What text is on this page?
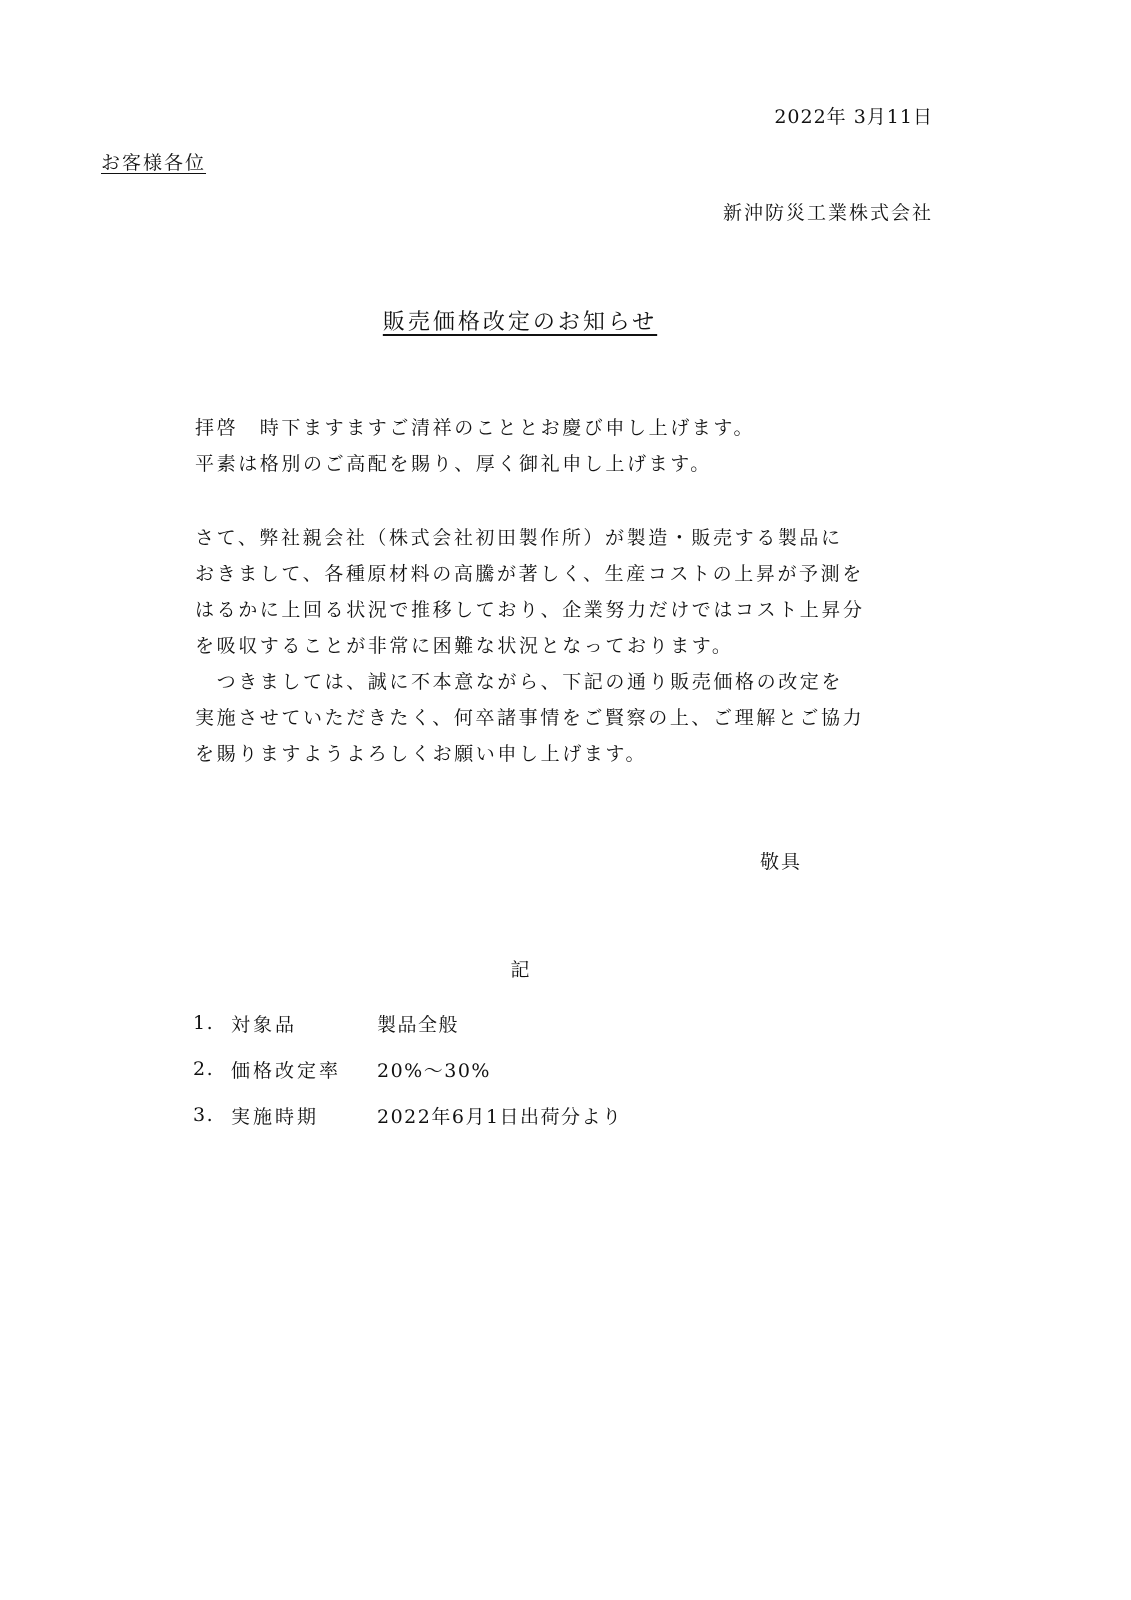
2022年 3月11日
お客様各位
新沖防災工業株式会社
販売価格改定のお知らせ
拝啓　時下ますますご清祥のこととお慶び申し上げます。
平素は格別のご高配を賜り、厚く御礼申し上げます。
さて、弊社親会社（株式会社初田製作所）が製造・販売する製品に
おきまして、各種原材料の高騰が著しく、生産コストの上昇が予測を
はるかに上回る状況で推移しており、企業努力だけではコスト上昇分
を吸収することが非常に困難な状況となっております。
　つきましては、誠に不本意ながら、下記の通り販売価格の改定を
実施させていただきたく、何卒諸事情をご賢察の上、ご理解とご協力
を賜りますようよろしくお願い申し上げます。
敬具
記
1. 対象品	製品全般
2. 価格改定率	20%～30%
3. 実施時期	2022年6月1日出荷分より
